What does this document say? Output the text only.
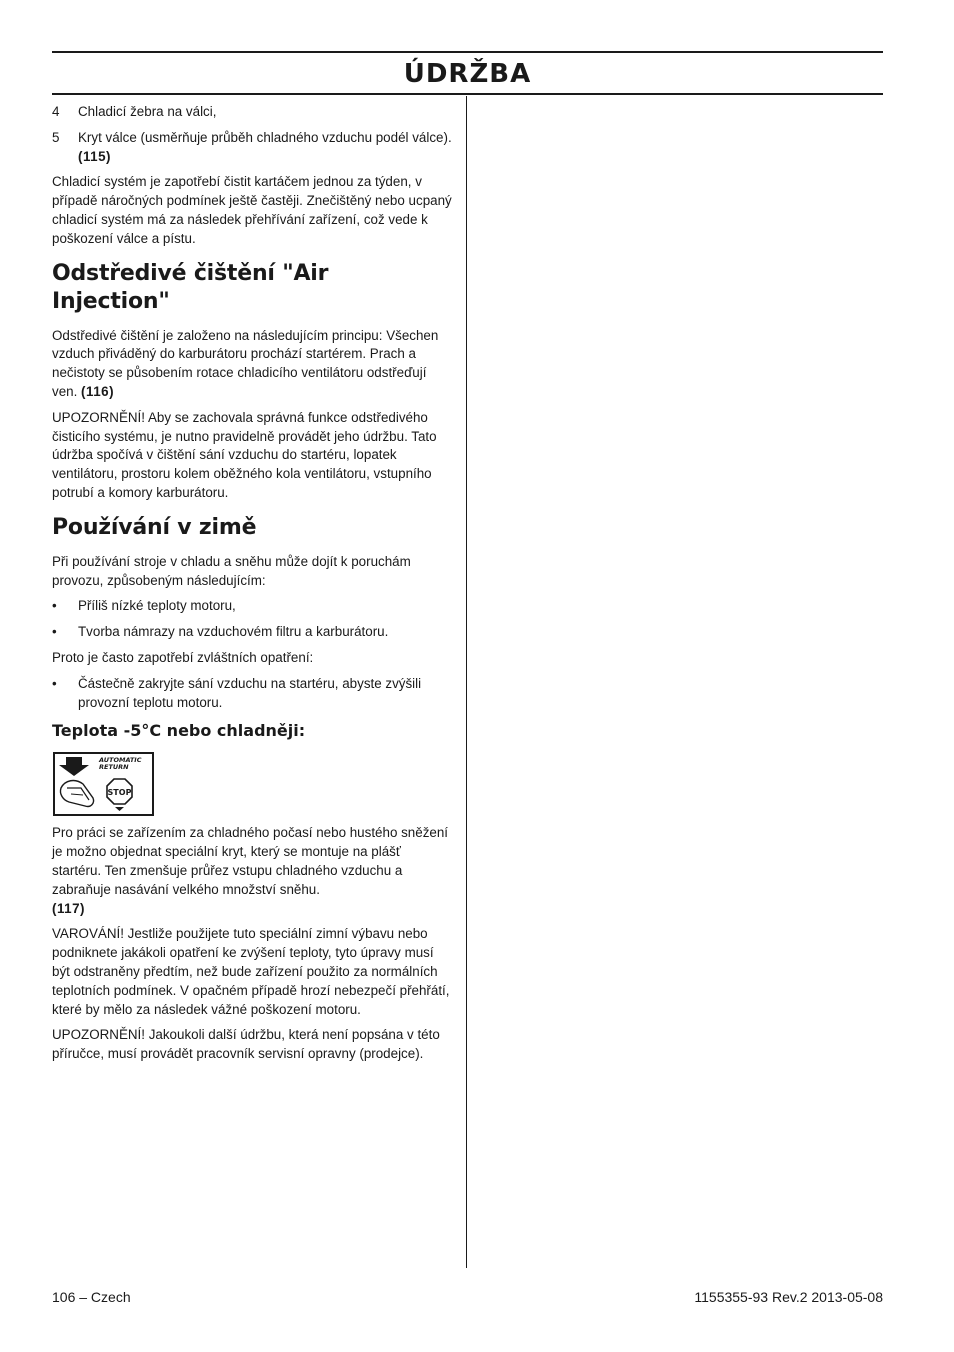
ÚDRŽBA
4 Chladicí žebra na válci,
5 Kryt válce (usměrňuje průběh chladného vzduchu podél válce). (115)

Chladicí systém je zapotřebí čistit kartáčem jednou za týden, v případě náročných podmínek ještě častěji. Znečištěný nebo ucpaný chladicí systém má za následek přehřívání zařízení, což vede k poškození válce a pístu.

Odstředivé čištění "Air Injection"

Odstředivé čištění je založeno na následujícím principu: Všechen vzduch přiváděný do karburátoru prochází startérem. Prach a nečistoty se působením rotace chladicího ventilátoru odstřeďují ven. (116)

UPOZORNĚNÍ! Aby se zachovala správná funkce odstředivého čisticího systému, je nutno pravidelně provádět jeho údržbu. Tato údržba spočívá v čištění sání vzduchu do startéru, lopatek ventilátoru, prostoru kolem oběžného kola ventilátoru, vstupního potrubí a komory karburátoru.

Používání v zimě

Při používání stroje v chladu a sněhu může dojít k poruchám provozu, způsobeným následujícím:

• Příliš nízké teploty motoru,
• Tvorba námrazy na vzduchovém filtru a karburátoru.

Proto je často zapotřebí zvláštních opatření:

• Částečně zakryjte sání vzduchu na startéru, abyste zvýšili provozní teplotu motoru.
Teplota -5°C nebo chladněji:
AUTOMATIC
RETURN
STOP

Pro práci se zařízením za chladného počasí nebo hustého sněžení je možno objednat speciální kryt, který se montuje na plášť startéru. Ten zmenšuje průřez vstupu chladného vzduchu a zabraňuje nasávání velkého množství sněhu.
(117)

VAROVÁNÍ! Jestliže použijete tuto speciální zimní výbavu nebo podniknete jakákoli opatření ke zvýšení teploty, tyto úpravy musí být odstraněny předtím, než bude zařízení použito za normálních teplotních podmínek. V opačném případě hrozí nebezpečí přehřátí, které by mělo za následek vážné poškození motoru.

UPOZORNĚNÍ! Jakoukoli další údržbu, která není popsána v této příručce, musí provádět pracovník servisní opravny (prodejce).

106 – Czech	1155355-93 Rev.2 2013-05-08
